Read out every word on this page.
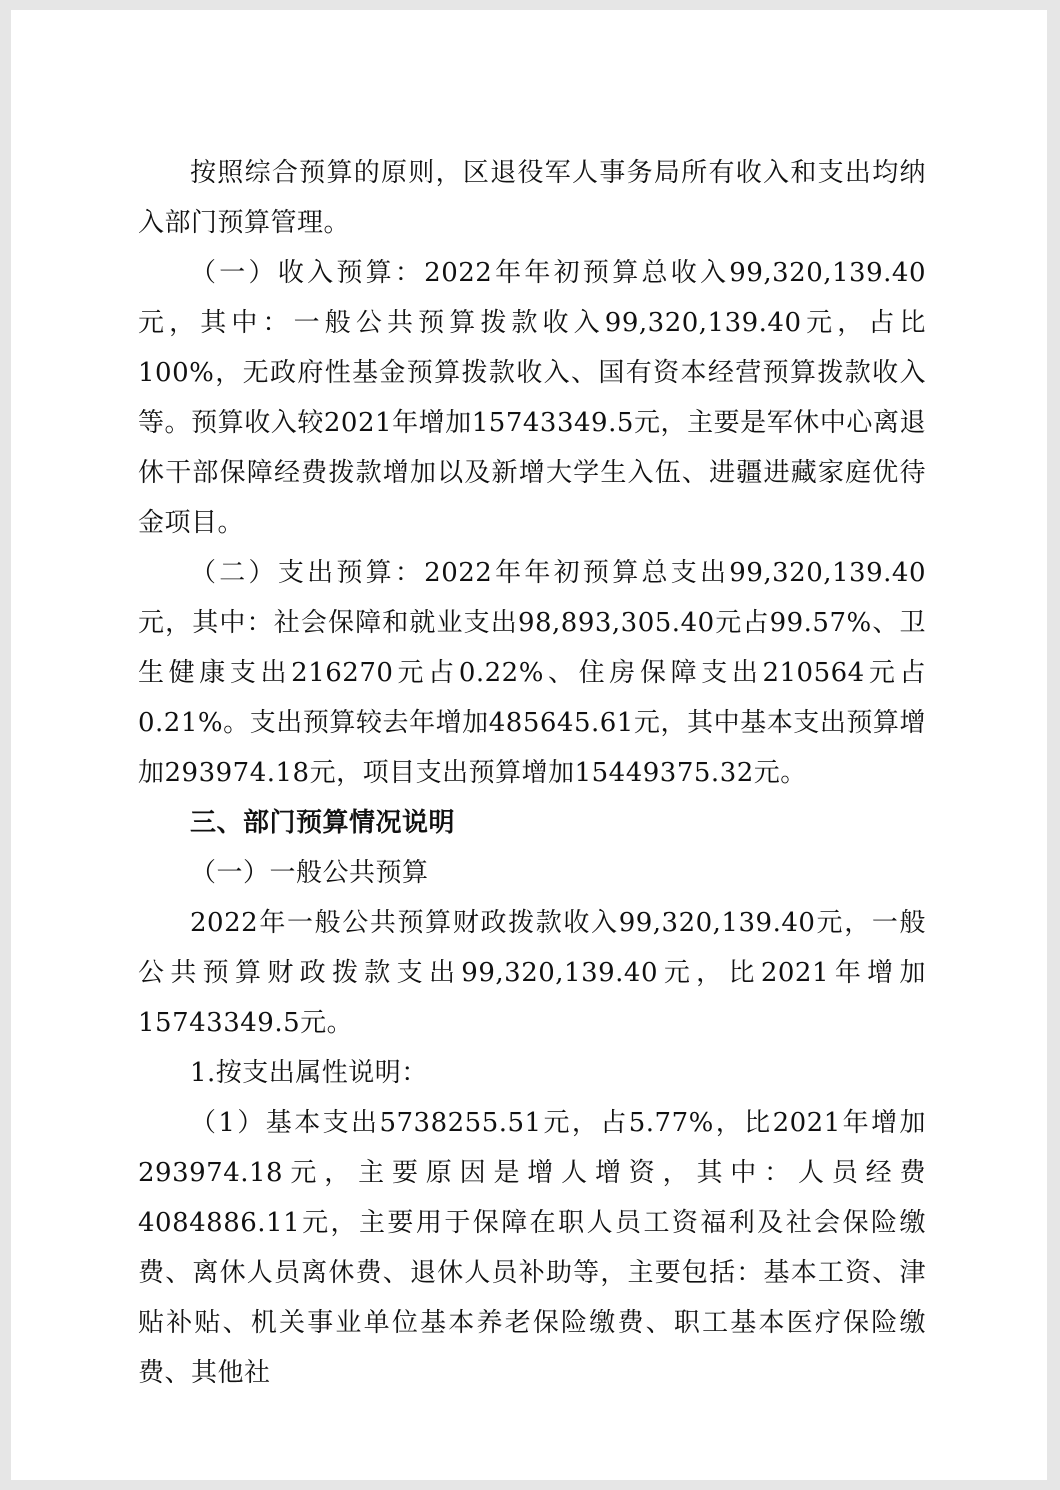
按照综合预算的原则，区退役军人事务局所有收入和支出均纳入部门预算管理。

（一）收入预算：2022年年初预算总收入99,320,139.40元，其中：一般公共预算拨款收入99,320,139.40元，占比100%，无政府性基金预算拨款收入、国有资本经营预算拨款收入等。预算收入较2021年增加15743349.5元，主要是军休中心离退休干部保障经费拨款增加以及新增大学生入伍、进疆进藏家庭优待金项目。

（二）支出预算：2022年年初预算总支出99,320,139.40元，其中：社会保障和就业支出98,893,305.40元占99.57%、卫生健康支出216270元占0.22%、住房保障支出210564元占0.21%。支出预算较去年增加485645.61元，其中基本支出预算增加293974.18元，项目支出预算增加15449375.32元。

三、部门预算情况说明

（一）一般公共预算

2022年一般公共预算财政拨款收入99,320,139.40元，一般公共预算财政拨款支出99,320,139.40元，比2021年增加15743349.5元。

1.按支出属性说明：

（1）基本支出5738255.51元，占5.77%，比2021年增加293974.18元，主要原因是增人增资，其中：人员经费4084886.11元，主要用于保障在职人员工资福利及社会保险缴费、离休人员离休费、退休人员补助等，主要包括：基本工资、津贴补贴、机关事业单位基本养老保险缴费、职工基本医疗保险缴费、其他社
